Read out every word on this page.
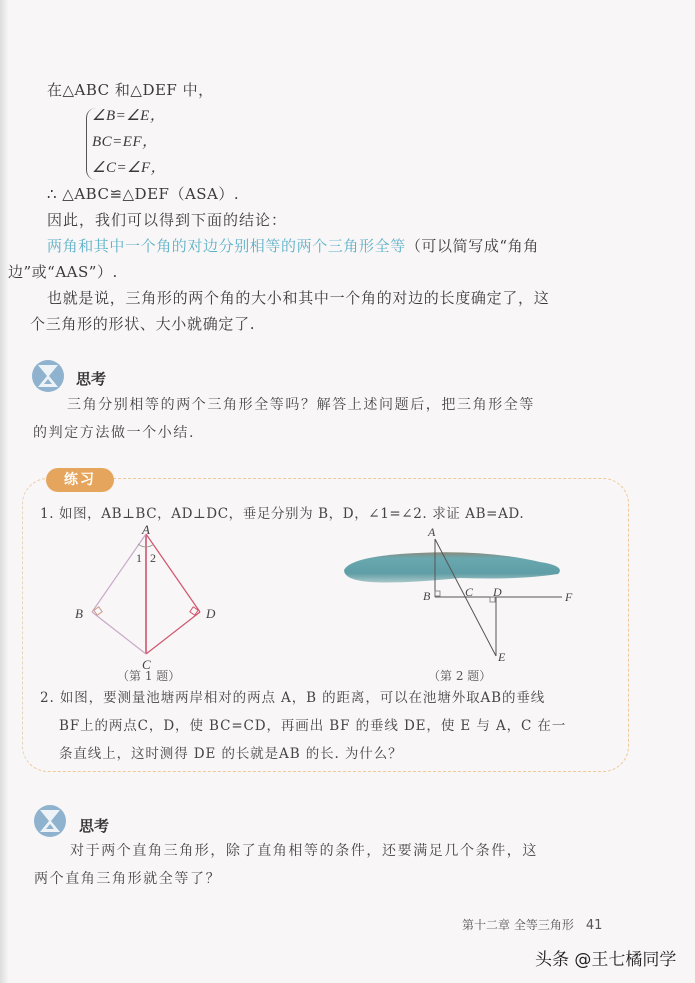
在△ABC 和△DEF 中，
∠B=∠E，
BC=EF，
∠C=∠F，
∴ △ABC≌△DEF（ASA）.
因此，我们可以得到下面的结论：
两角和其中一个角的对边分别相等的两个三角形全等（可以简写成“角角
边”或“AAS”）.
也就是说，三角形的两个角的大小和其中一个角的对边的长度确定了，这
个三角形的形状、大小就确定了.
思考
三角分别相等的两个三角形全等吗？解答上述问题后，把三角形全等
的判定方法做一个小结.
练习
1. 如图，AB⊥BC，AD⊥DC，垂足分别为 B，D，∠1=∠2. 求证 AB=AD.
A
1 2
B	D
C
（第 1 题）
A
B	C D	F
E
（第 2 题）
2. 如图，要测量池塘两岸相对的两点 A，B 的距离，可以在池塘外取AB的垂线
BF上的两点C，D，使 BC=CD，再画出 BF 的垂线 DE，使 E 与 A，C 在一
条直线上，这时测得 DE 的长就是AB 的长. 为什么？
思考
对于两个直角三角形，除了直角相等的条件，还要满足几个条件，这
两个直角三角形就全等了？
第十二章 全等三角形 41
头条 @王七橘同学
